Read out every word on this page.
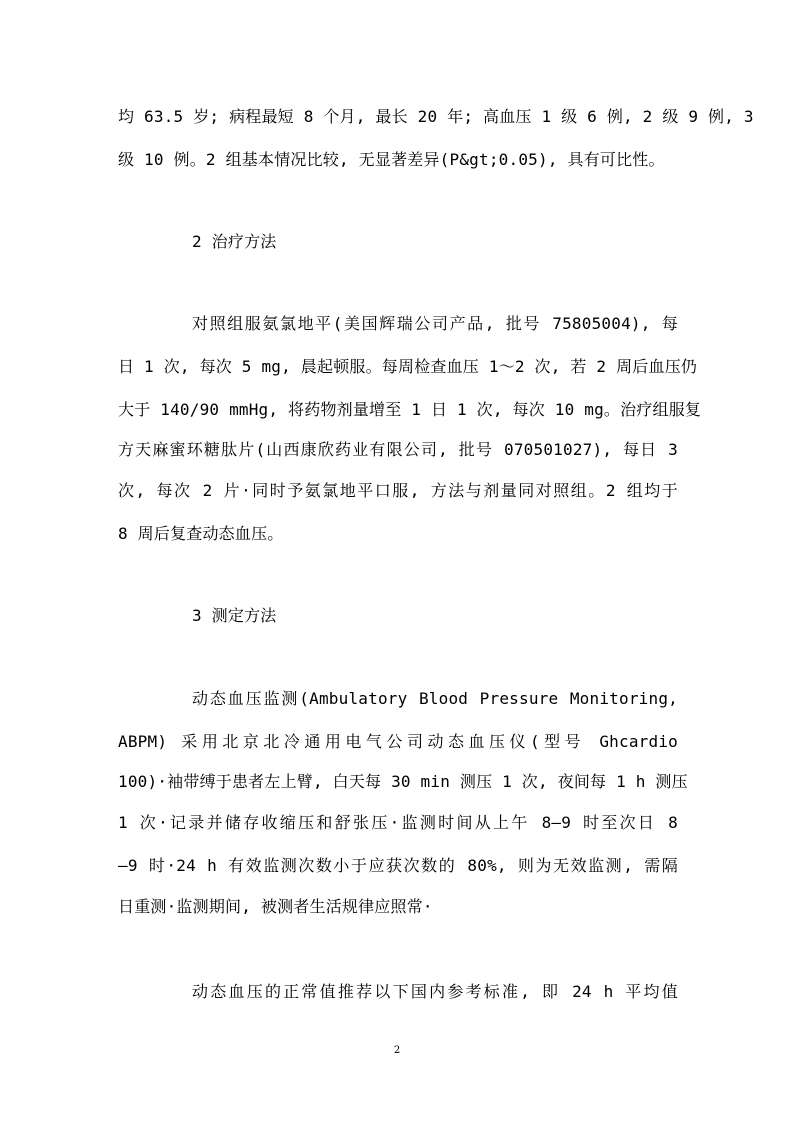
均 63.5 岁; 病程最短 8 个月, 最长 20 年; 高血压 1 级 6 例, 2 级 9 例, 3
级 10 例。2 组基本情况比较, 无显著差异(P&gt;0.05), 具有可比性。
2 治疗方法
对照组服氨氯地平(美国辉瑞公司产品, 批号 75805004), 每
日 1 次, 每次 5 mg, 晨起顿服。每周检查血压 1～2 次, 若 2 周后血压仍
大于 140/90 mmHg, 将药物剂量增至 1 日 1 次, 每次 10 mg。治疗组服复
方天麻蜜环糖肽片(山西康欣药业有限公司, 批号 070501027), 每日 3
次, 每次 2 片·同时予氨氯地平口服, 方法与剂量同对照组。2 组均于
8 周后复查动态血压。
3 测定方法
动态血压监测(Ambulatory Blood Pressure Monitoring,
ABPM) 采用北京北冷通用电气公司动态血压仪(型号 Ghcardio
100)·袖带缚于患者左上臂, 白天每 30 min 测压 1 次, 夜间每 1 h 测压
1 次·记录并储存收缩压和舒张压·监测时间从上午 8—9 时至次日 8
—9 时·24 h 有效监测次数小于应获次数的 80%, 则为无效监测, 需隔
日重测·监测期间, 被测者生活规律应照常·
动态血压的正常值推荐以下国内参考标准, 即 24 h 平均值
2
